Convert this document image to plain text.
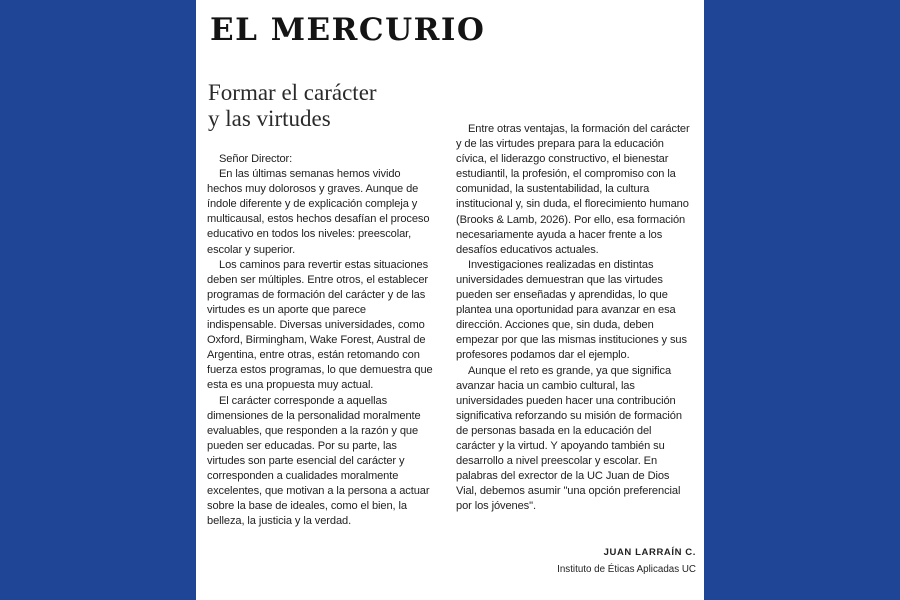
EL MERCURIO
Formar el carácter
y las virtudes

Señor Director:

En las últimas semanas hemos vivido hechos muy dolorosos y graves. Aunque de índole diferente y de explicación compleja y multicausal, estos hechos desafían el proceso educativo en todos los niveles: preescolar, escolar y superior.

Los caminos para revertir estas situaciones deben ser múltiples. Entre otros, el establecer programas de formación del carácter y de las virtudes es un aporte que parece indispensable. Diversas universidades, como Oxford, Birmingham, Wake Forest, Austral de Argentina, entre otras, están retomando con fuerza estos programas, lo que demuestra que esta es una propuesta muy actual.

El carácter corresponde a aquellas dimensiones de la personalidad moralmente evaluables, que responden a la razón y que pueden ser educadas. Por su parte, las virtudes son parte esencial del carácter y corresponden a cualidades moralmente excelentes, que motivan a la persona a actuar sobre la base de ideales, como el bien, la belleza, la justicia y la verdad.

Entre otras ventajas, la formación del carácter y de las virtudes prepara para la educación cívica, el liderazgo constructivo, el bienestar estudiantil, la profesión, el compromiso con la comunidad, la sustentabilidad, la cultura institucional y, sin duda, el florecimiento humano (Brooks & Lamb, 2026). Por ello, esa formación necesariamente ayuda a hacer frente a los desafíos educativos actuales.

Investigaciones realizadas en distintas universidades demuestran que las virtudes pueden ser enseñadas y aprendidas, lo que plantea una oportunidad para avanzar en esa dirección. Acciones que, sin duda, deben empezar por que las mismas instituciones y sus profesores podamos dar el ejemplo.

Aunque el reto es grande, ya que significa avanzar hacia un cambio cultural, las universidades pueden hacer una contribución significativa reforzando su misión de formación de personas basada en la educación del carácter y la virtud. Y apoyando también su desarrollo a nivel preescolar y escolar. En palabras del exrector de la UC Juan de Dios Vial, debemos asumir "una opción preferencial por los jóvenes".

JUAN LARRAÍN C.
Instituto de Éticas Aplicadas UC
